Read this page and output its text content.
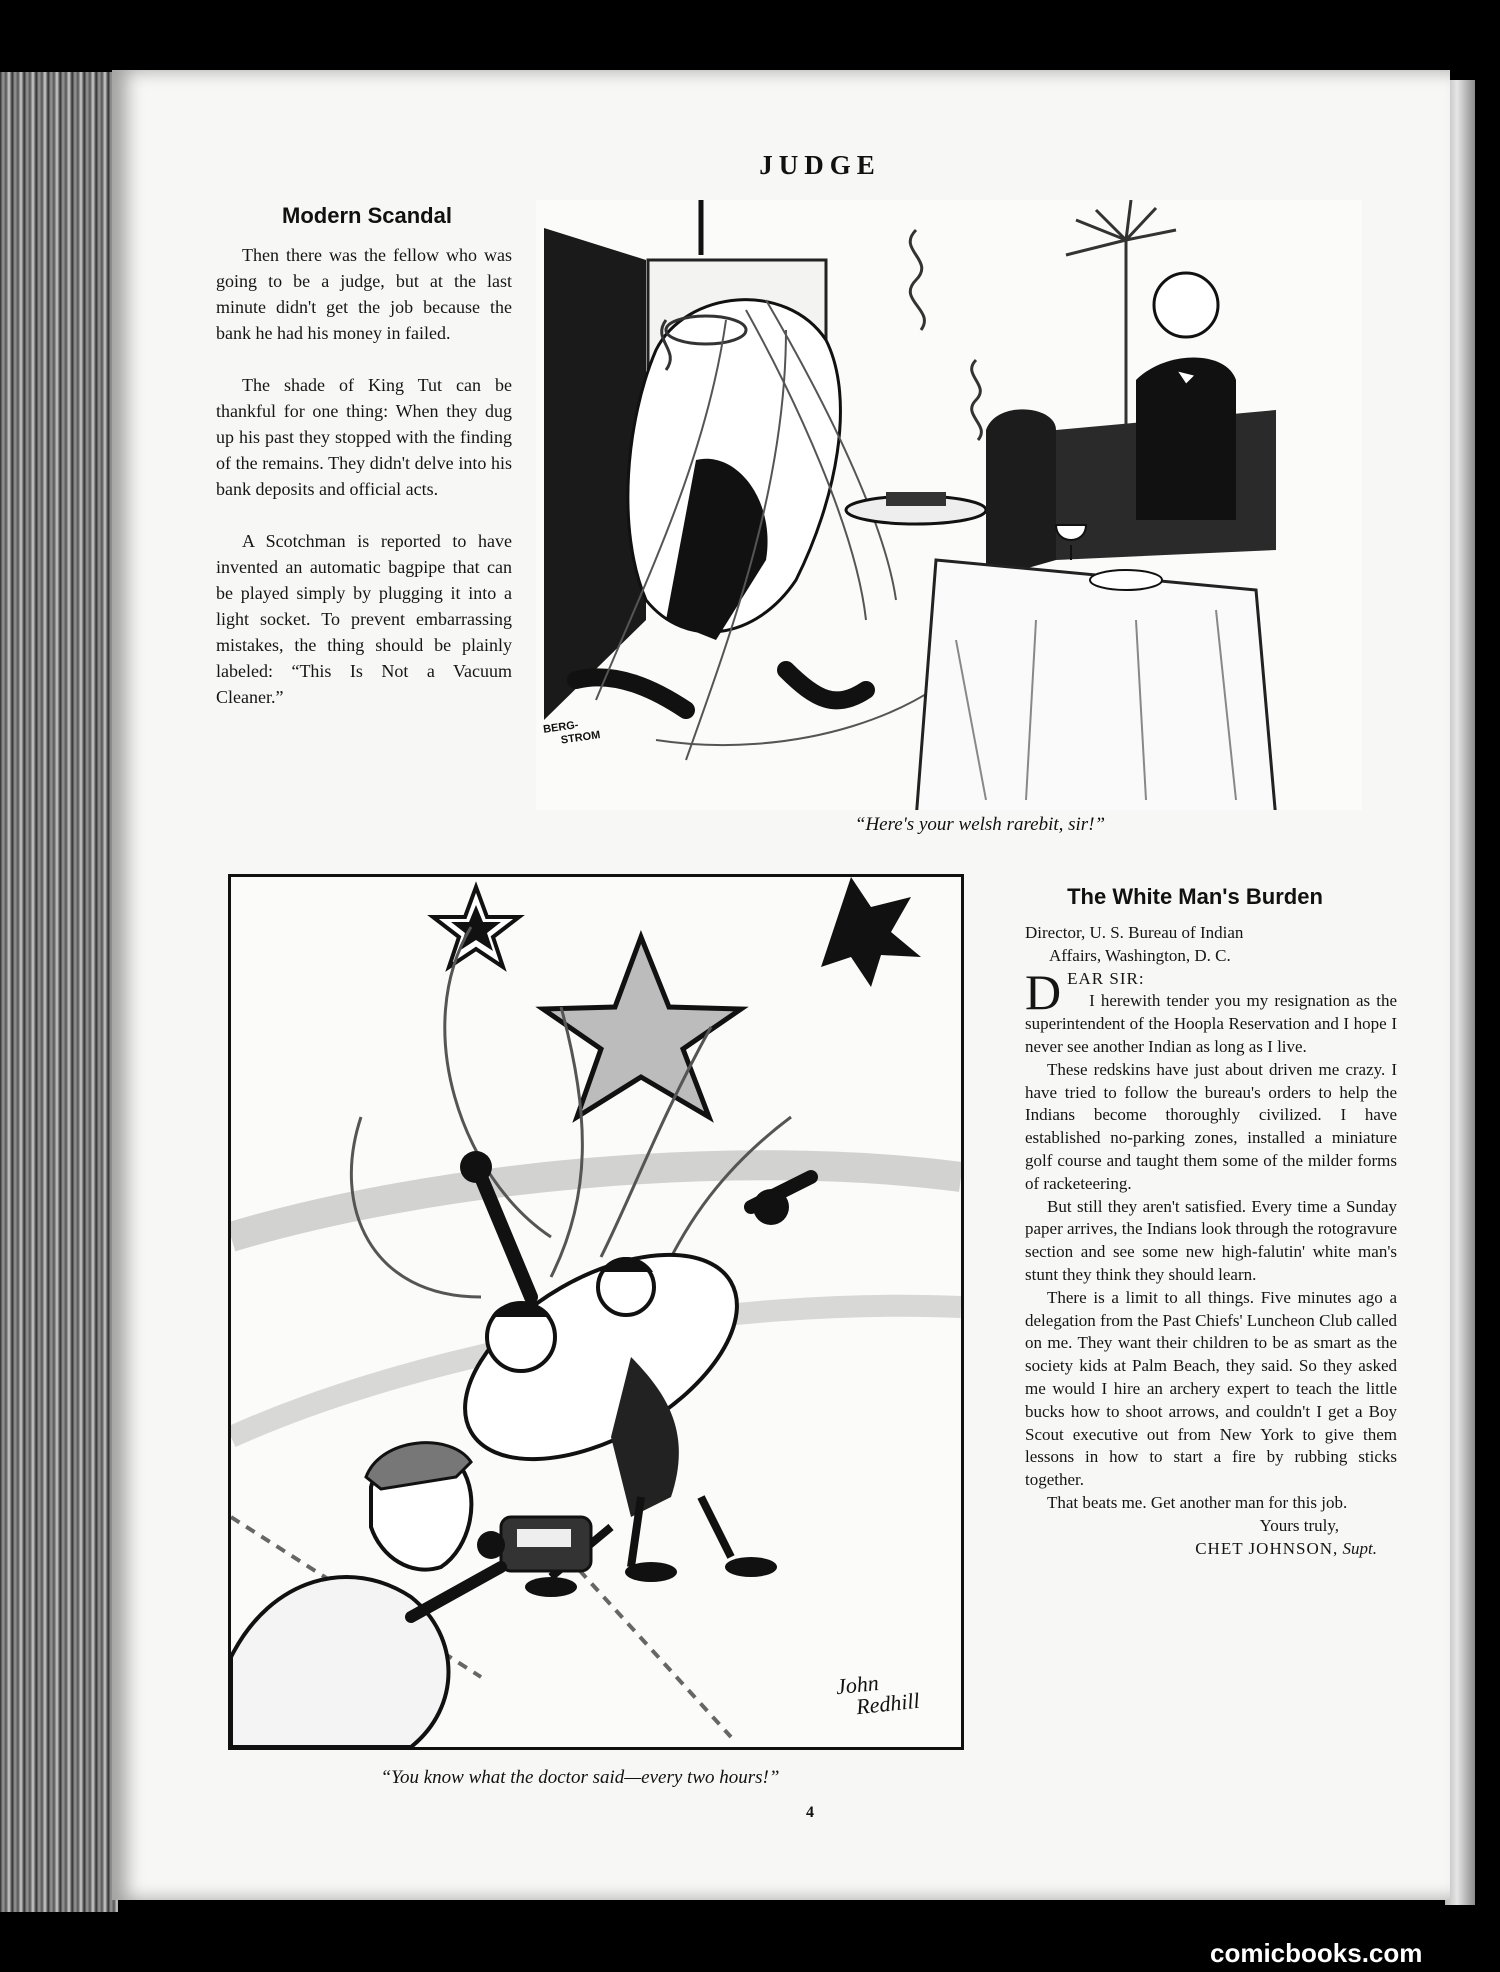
JUDGE
Modern Scandal

Then there was the fellow who was going to be a judge, but at the last minute didn't get the job because the bank he had his money in failed.

The shade of King Tut can be thankful for one thing: When they dug up his past they stopped with the finding of the remains. They didn't delve into his bank deposits and official acts.

A Scotchman is reported to have invented an automatic bagpipe that can be played simply by plugging it into a light socket. To prevent embarrassing mistakes, the thing should be plainly labeled: “This Is Not a Vacuum Cleaner.”

BERG-
STROM
“Here's your welsh rarebit, sir!”
John
Redhill
“You know what the doctor said—every two hours!”
The White Man's Burden

Director, U. S. Bureau of Indian

Affairs, Washington, D. C.

DEAR SIR:

I herewith tender you my resignation as the superintendent of the Hoopla Reservation and I hope I never see another Indian as long as I live.

These redskins have just about driven me crazy. I have tried to follow the bureau's orders to help the Indians become thoroughly civilized. I have established no-parking zones, installed a miniature golf course and taught them some of the milder forms of racketeering.

But still they aren't satisfied. Every time a Sunday paper arrives, the Indians look through the rotogravure section and see some new high-falutin' white man's stunt they think they should learn.

There is a limit to all things. Five minutes ago a delegation from the Past Chiefs' Luncheon Club called on me. They want their children to be as smart as the society kids at Palm Beach, they said. So they asked me would I hire an archery expert to teach the little bucks how to shoot arrows, and couldn't I get a Boy Scout executive out from New York to give them lessons in how to start a fire by rubbing sticks together.

That beats me. Get another man for this job.

Yours truly,

CHET JOHNSON, Supt.

4
comicbooks.com
